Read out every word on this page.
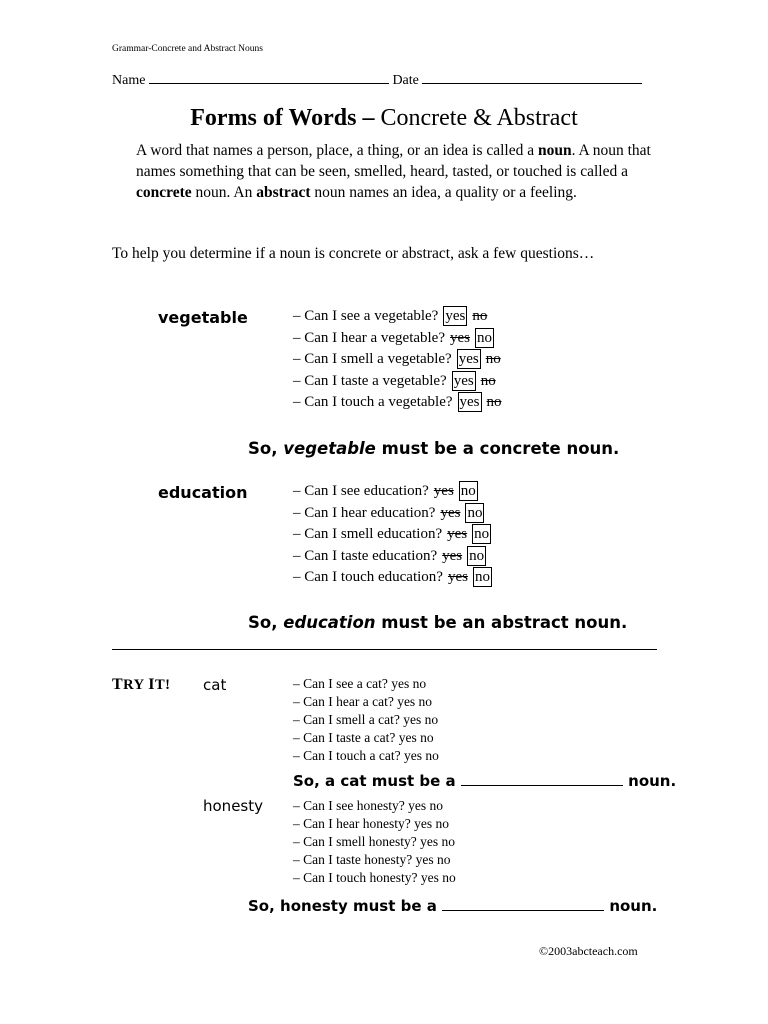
Grammar-Concrete and Abstract Nouns
Name	Date
Forms of Words – Concrete & Abstract
A word that names a person, place, a thing, or an idea is called a noun. A noun that names something that can be seen, smelled, heard, tasted, or touched is called a concrete noun. An abstract noun names an idea, a quality or a feeling.
To help you determine if a noun is concrete or abstract, ask a few questions…
vegetable	– Can I see a vegetable? yes no
– Can I hear a vegetable? yes no
– Can I smell a vegetable? yes no
– Can I taste a vegetable? yes no
– Can I touch a vegetable? yes no
So, vegetable must be a concrete noun.
education	– Can I see education? yes no
– Can I hear education? yes no
– Can I smell education? yes no
– Can I taste education? yes no
– Can I touch education? yes no
So, education must be an abstract noun.
TRY IT! cat	– Can I see a cat? yes no
– Can I hear a cat? yes no
– Can I smell a cat? yes no
– Can I taste a cat? yes no
– Can I touch a cat? yes no
So, a cat must be a	noun.
honesty – Can I see honesty? yes no
– Can I hear honesty? yes no
– Can I smell honesty? yes no
– Can I taste honesty? yes no
– Can I touch honesty? yes no
So, honesty must be a	noun.
©2003abcteach.com
